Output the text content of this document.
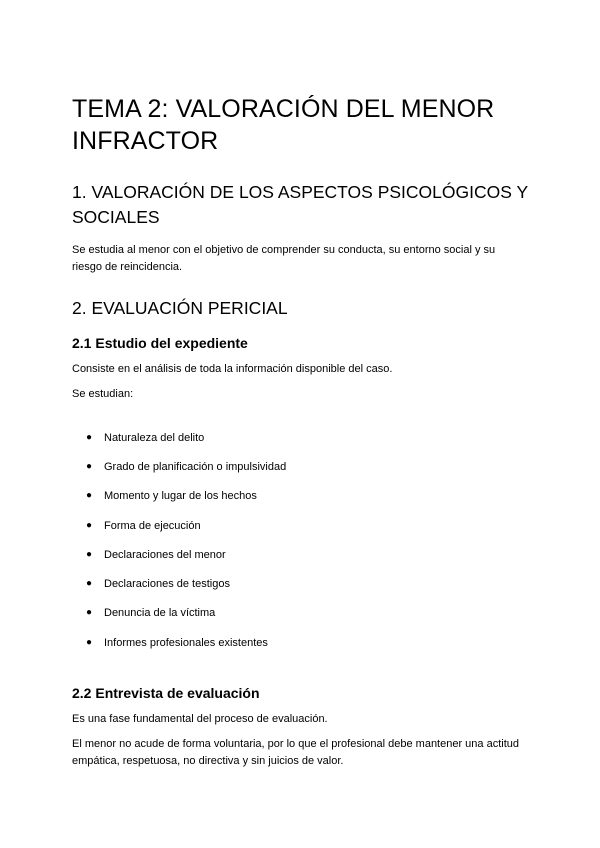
TEMA 2: VALORACIÓN DEL MENOR INFRACTOR
1. VALORACIÓN DE LOS ASPECTOS PSICOLÓGICOS Y SOCIALES

Se estudia al menor con el objetivo de comprender su conducta, su entorno social y su riesgo de reincidencia.

2. EVALUACIÓN PERICIAL
2.1 Estudio del expediente

Consiste en el análisis de toda la información disponible del caso.

Se estudian:

●	Naturaleza del delito
●	Grado de planificación o impulsividad
●	Momento y lugar de los hechos
●	Forma de ejecución
●	Declaraciones del menor
●	Declaraciones de testigos
●	Denuncia de la víctima
●	Informes profesionales existentes
2.2 Entrevista de evaluación

Es una fase fundamental del proceso de evaluación.

El menor no acude de forma voluntaria, por lo que el profesional debe mantener una actitud empática, respetuosa, no directiva y sin juicios de valor.
